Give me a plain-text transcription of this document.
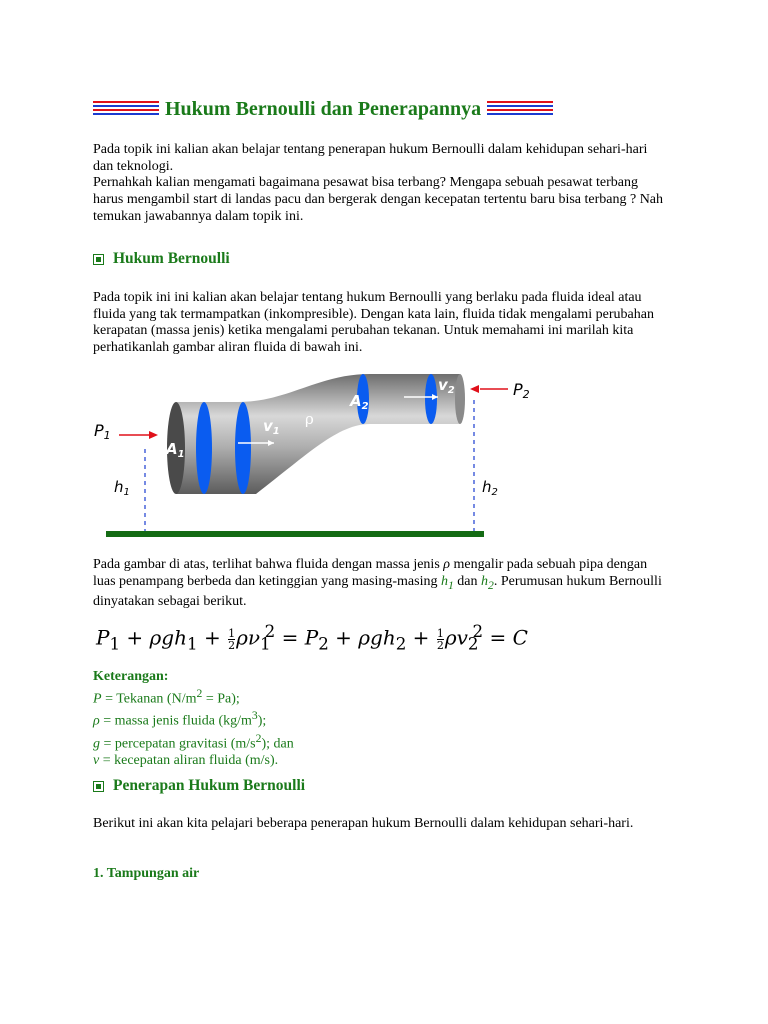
Hukum Bernoulli dan Penerapannya

Pada topik ini kalian akan belajar tentang penerapan hukum Bernoulli dalam kehidupan sehari-hari dan teknologi.
Pernahkah kalian mengamati bagaimana pesawat bisa terbang? Mengapa sebuah pesawat terbang harus mengambil start di landas pacu dan bergerak dengan kecepatan tertentu baru bisa terbang ? Nah temukan jawabannya dalam topik ini.

Hukum Bernoulli

Pada topik ini ini kalian akan belajar tentang hukum Bernoulli yang berlaku pada fluida ideal atau fluida yang tak termampatkan (inkompresible). Dengan kata lain, fluida tidak mengalami perubahan kerapatan (massa jenis) ketika mengalami perubahan tekanan. Untuk memahami ini marilah kita perhatikanlah gambar aliran fluida di bawah ini.

P1
P2
$A_1$
$A_2$
$v_1$
$v_2$
ρ
$h_1$	$h_2$

Pada gambar di atas, terlihat bahwa fluida dengan massa jenis ρ mengalir pada sebuah pipa dengan luas penampang berbeda dan ketinggian yang masing-masing $h_1$ dan $h_2$. Perumusan hukum Bernoulli dinyatakan sebagai berikut.

$P_1 + \rho gh_1 + \frac{1}{2} \rho\nu_1^2 = P_2 + \rho gh_2 + \frac{1}{2} \rho v_2^2 = C$
Keterangan:
P = Tekanan $(N/m^2 = Pa)$;
ρ = massa jenis fluida $(kg/m^3)$;
g = percepatan gravitasi $(m/s^2)$; dan
v = kecepatan aliran fluida (m/s).
Penerapan Hukum Bernoulli

Berikut ini akan kita pelajari beberapa penerapan hukum Bernoulli dalam kehidupan sehari-hari.

1. Tampungan air
